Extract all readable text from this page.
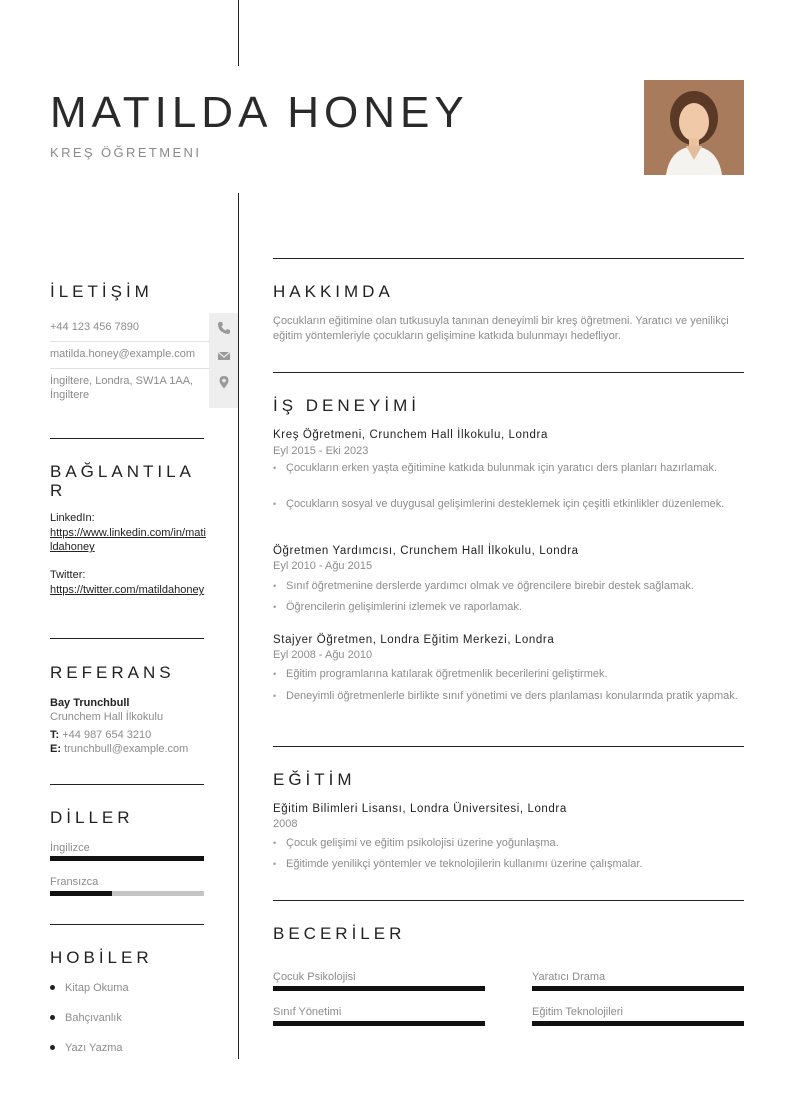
MATILDA HONEY
KREŞ ÖĞRETMENI
İLETİŞİM
+44 123 456 7890
matilda.honey@example.com
İngiltere, Londra, SW1A 1AA, İngiltere
BAĞLANTILAR
LinkedIn:
https://www.linkedin.com/in/matildahoney
Twitter:
https://twitter.com/matildahoney
REFERANS
Bay Trunchbull
Crunchem Hall İlkokulu
T: +44 987 654 3210
E: trunchbull@example.com
DİLLER
İngilizce
Fransızca
HOBİLER
Kitap Okuma
Bahçıvanlık
Yazı Yazma
HAKKIMDA
Çocukların eğitimine olan tutkusuyla tanınan deneyimli bir kreş öğretmeni. Yaratıcı ve yenilikçi eğitim yöntemleriyle çocukların gelişimine katkıda bulunmayı hedefliyor.
İŞ DENEYİMİ
Kreş Öğretmeni, Crunchem Hall İlkokulu, Londra
Eyl 2015 - Eki 2023
• Çocukların erken yaşta eğitimine katkıda bulunmak için yaratıcı ders planları hazırlamak.
• Çocukların sosyal ve duygusal gelişimlerini desteklemek için çeşitli etkinlikler düzenlemek.
Öğretmen Yardımcısı, Crunchem Hall İlkokulu, Londra
Eyl 2010 - Ağu 2015
• Sınıf öğretmenine derslerde yardımcı olmak ve öğrencilere birebir destek sağlamak.
• Öğrencilerin gelişimlerini izlemek ve raporlamak.
Stajyer Öğretmen, Londra Eğitim Merkezi, Londra
Eyl 2008 - Ağu 2010
• Eğitim programlarına katılarak öğretmenlik becerilerini geliştirmek.
• Deneyimli öğretmenlerle birlikte sınıf yönetimi ve ders planlaması konularında pratik yapmak.
EĞİTİM
Eğitim Bilimleri Lisansı, Londra Üniversitesi, Londra
2008
• Çocuk gelişimi ve eğitim psikolojisi üzerine yoğunlaşma.
• Eğitimde yenilikçi yöntemler ve teknolojilerin kullanımı üzerine çalışmalar.
BECERİLER
Çocuk Psikolojisi	Yaratıcı Drama
Sınıf Yönetimi	Eğitim Teknolojileri
